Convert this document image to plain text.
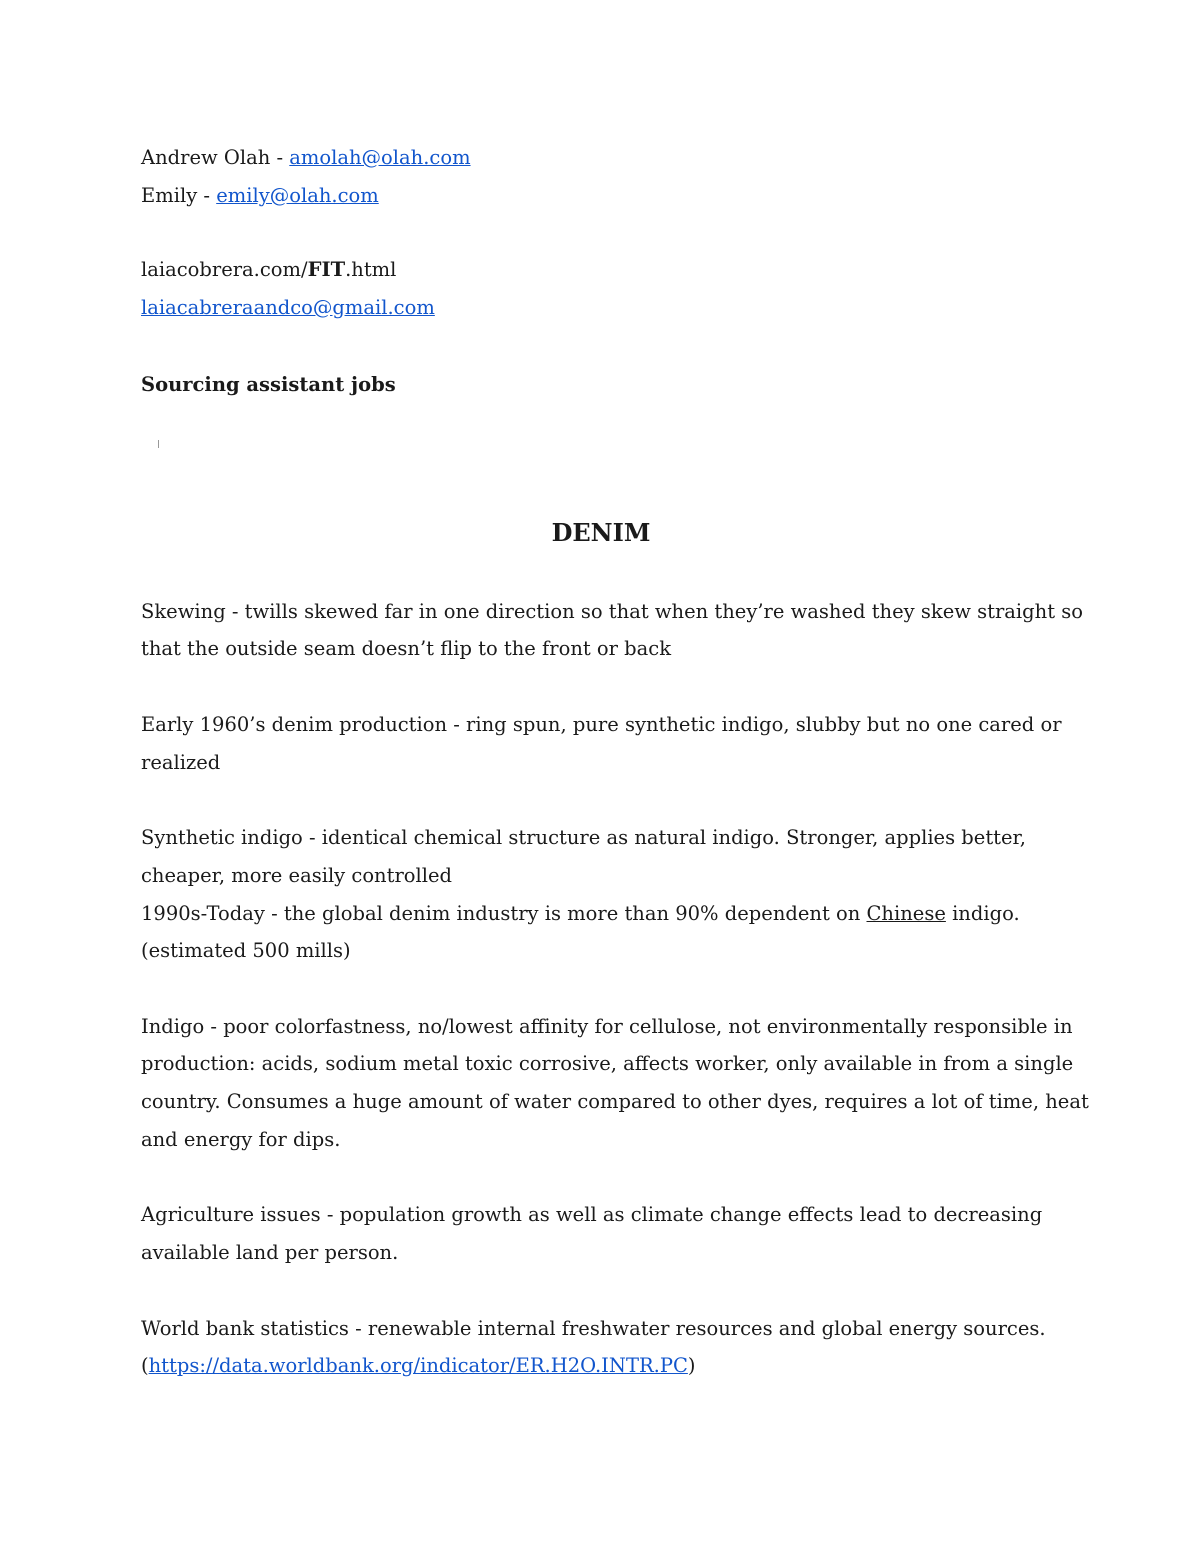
Andrew Olah - amolah@olah.com
Emily - emily@olah.com
laiacobrera.com/FIT.html
laiacabreraandco@gmail.com
Sourcing assistant jobs
DENIM
Skewing - twills skewed far in one direction so that when they’re washed they skew straight so
that the outside seam doesn’t flip to the front or back
Early 1960’s denim production - ring spun, pure synthetic indigo, slubby but no one cared or
realized
Synthetic indigo - identical chemical structure as natural indigo. Stronger, applies better,
cheaper, more easily controlled
1990s-Today - the global denim industry is more than 90% dependent on Chinese indigo.
(estimated 500 mills)
Indigo - poor colorfastness, no/lowest affinity for cellulose, not environmentally responsible in
production: acids, sodium metal toxic corrosive, affects worker, only available in from a single
country. Consumes a huge amount of water compared to other dyes, requires a lot of time, heat
and energy for dips.
Agriculture issues - population growth as well as climate change effects lead to decreasing
available land per person.
World bank statistics - renewable internal freshwater resources and global energy sources.
(https://data.worldbank.org/indicator/ER.H2O.INTR.PC)
